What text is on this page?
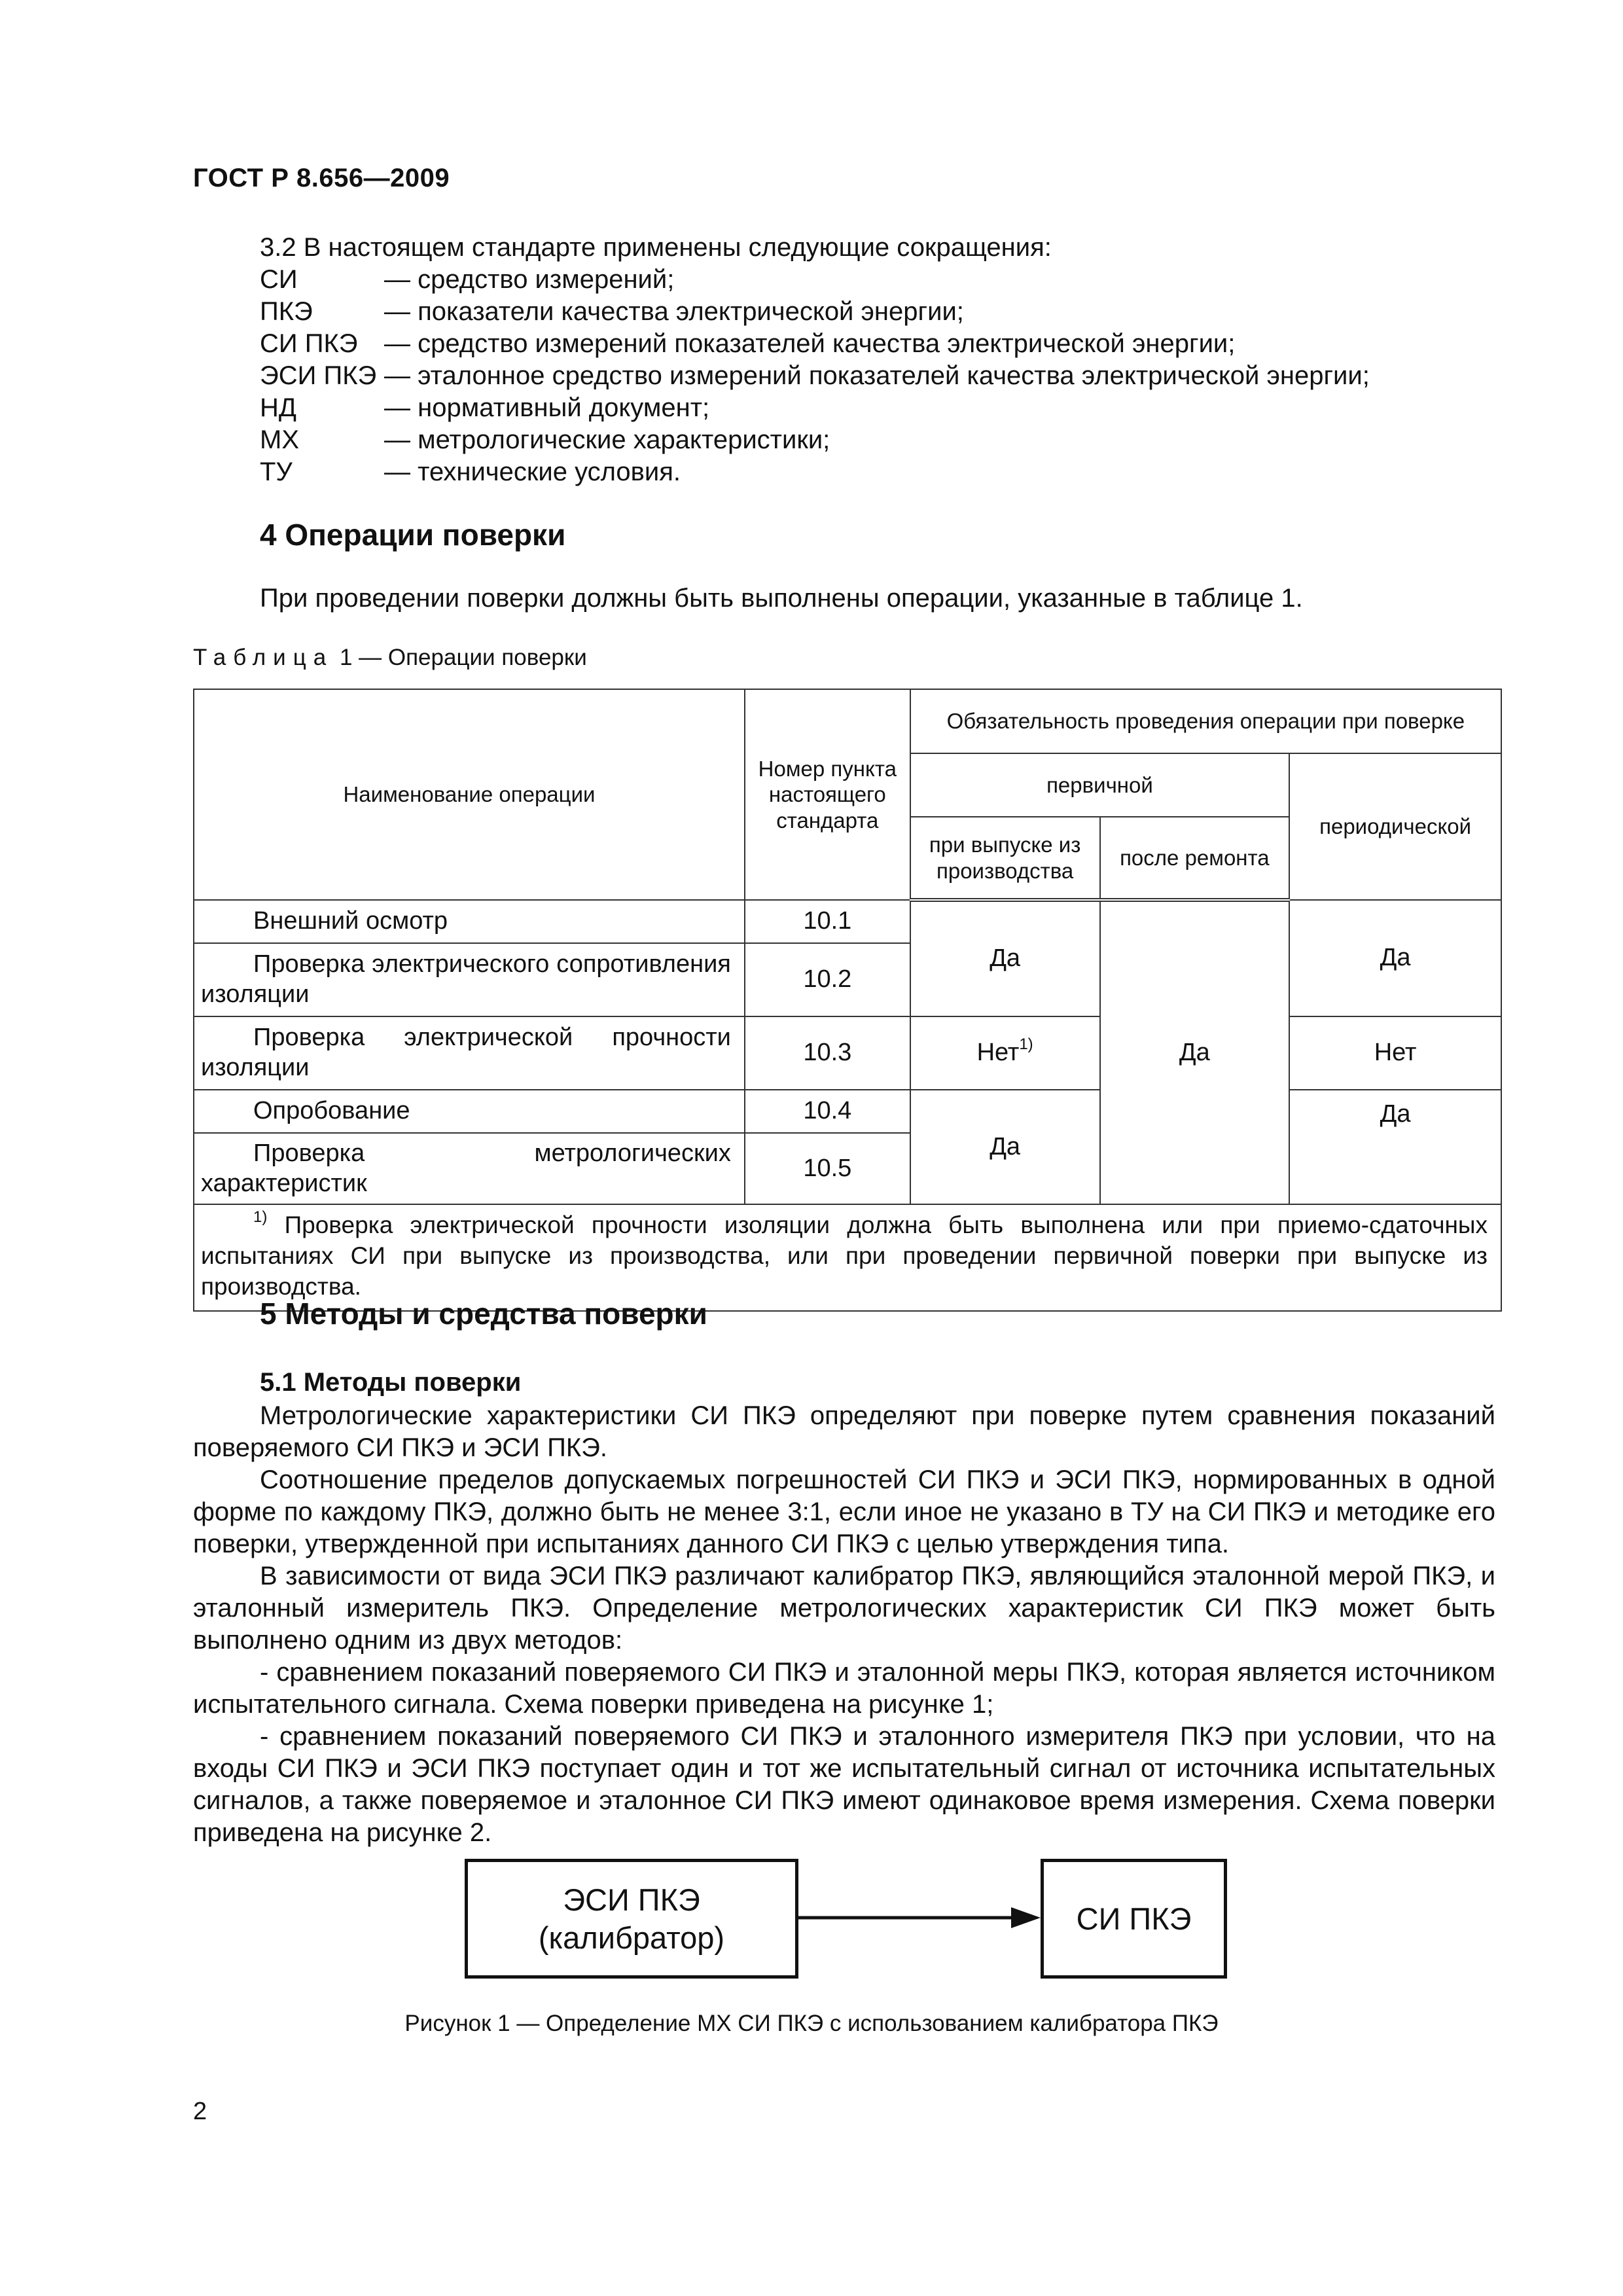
ГОСТ Р 8.656—2009
3.2 В настоящем стандарте применены следующие сокращения:
СИ	— средство измерений;
ПКЭ	— показатели качества электрической энергии;
СИ ПКЭ	— средство измерений показателей качества электрической энергии;
ЭСИ ПКЭ — эталонное средство измерений показателей качества электрической энергии;
НД	— нормативный документ;
МХ	— метрологические характеристики;
ТУ	— технические условия.
4 Операции поверки
При проведении поверки должны быть выполнены операции, указанные в таблице 1.
Таблица 1 — Операции поверки
Наименование операции	Номер пункта настоящего стандарта	Обязательность проведения операции при поверке		
		первичной		периодической
		при выпуске из производства	после ремонта	
Внешний осмотр	10.1	Да	Да	Да
Проверка электрического сопротивления изоляции	10.2			
Проверка электрической прочности изоляции	10.3	Нет$^{1)}$		Нет
Опробование	10.4	Да		Да
Проверка метрологических характеристик	10.5			
$^{1)}$ Проверка электрической прочности изоляции должна быть выполнена или при приемо-сдаточных испытаниях СИ при выпуске из производства, или при проведении первичной поверки при выпуске из производства.				
5 Методы и средства поверки
5.1 Методы поверки
Метрологические характеристики СИ ПКЭ определяют при поверке путем сравнения показаний поверяемого СИ ПКЭ и ЭСИ ПКЭ.
Соотношение пределов допускаемых погрешностей СИ ПКЭ и ЭСИ ПКЭ, нормированных в одной форме по каждому ПКЭ, должно быть не менее 3:1, если иное не указано в ТУ на СИ ПКЭ и методике его поверки, утвержденной при испытаниях данного СИ ПКЭ с целью утверждения типа.
В зависимости от вида ЭСИ ПКЭ различают калибратор ПКЭ, являющийся эталонной мерой ПКЭ, и эталонный измеритель ПКЭ. Определение метрологических характеристик СИ ПКЭ может быть выполнено одним из двух методов:
- сравнением показаний поверяемого СИ ПКЭ и эталонной меры ПКЭ, которая является источником испытательного сигнала. Схема поверки приведена на рисунке 1;
- сравнением показаний поверяемого СИ ПКЭ и эталонного измерителя ПКЭ при условии, что на входы СИ ПКЭ и ЭСИ ПКЭ поступает один и тот же испытательный сигнал от источника испытательных сигналов, а также поверяемое и эталонное СИ ПКЭ имеют одинаковое время измерения. Схема поверки приведена на рисунке 2.
ЭСИ ПКЭ
(калибратор)
СИ ПКЭ
Рисунок 1 — Определение МХ СИ ПКЭ с использованием калибратора ПКЭ
2
